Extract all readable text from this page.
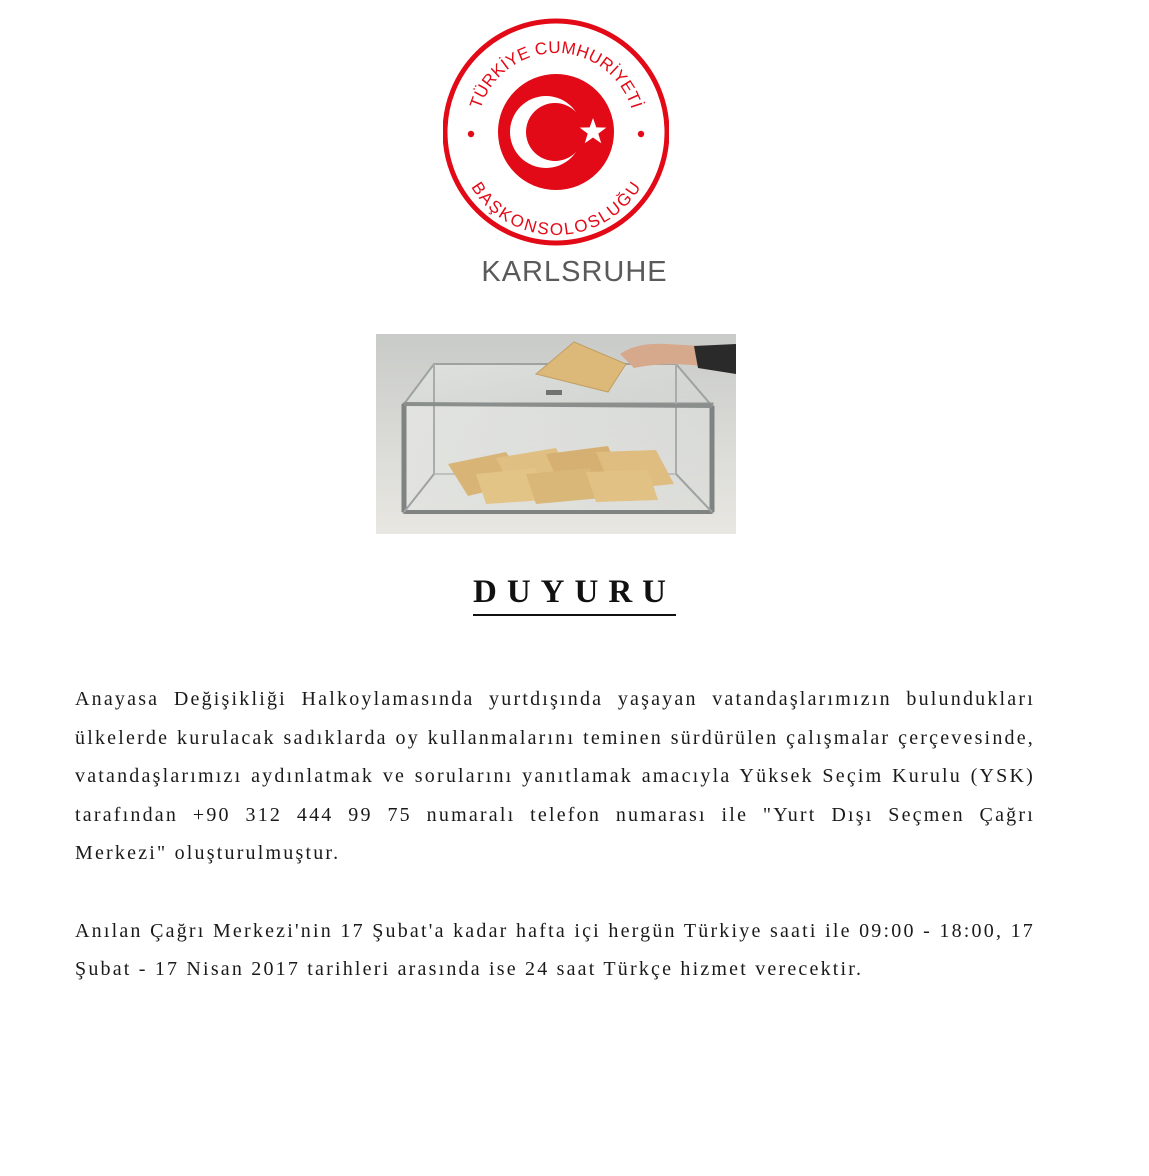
TÜRKİYE CUMHURİYETİ
BAŞKONSOLOSLUĞU
KARLSRUHE
DUYURU

Anayasa Değişikliği Halkoylamasında yurtdışında yaşayan vatandaşlarımızın bulundukları ülkelerde kurulacak sadıklarda oy kullanmalarını teminen sürdürülen çalışmalar çerçevesinde, vatandaşlarımızı aydınlatmak ve sorularını yanıtlamak amacıyla Yüksek Seçim Kurulu (YSK) tarafından +90 312 444 99 75 numaralı telefon numarası ile "Yurt Dışı Seçmen Çağrı Merkezi" oluşturulmuştur.

Anılan Çağrı Merkezi'nin 17 Şubat'a kadar hafta içi hergün Türkiye saati ile 09:00 - 18:00, 17 Şubat - 17 Nisan 2017 tarihleri arasında ise 24 saat Türkçe hizmet verecektir.
